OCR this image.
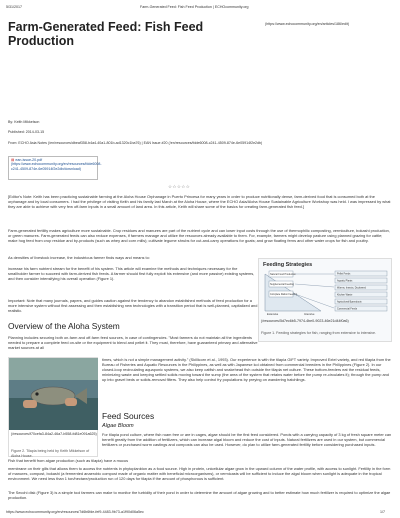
5/31/2017	Farm-Generated Feed: Fish Feed Production | ECHOcommunity.org
Farm-Generated Feed: Fish Feed Production
(https://www.echocommunity.org/en/articles/186/edit)
By: Keith Mikkelson
Published: 2014-03-15
From: ECHO Asia Notes (/en/resources/dbeaf358-b4a4-40a1-801b-ad1320c1ba76) | EAN Issue #20 (/en/resources/fdde6008-c241-4509-874e-6e05914f2e2db)
▤ ean-issue-20.pdf
(https://www.echocommunity.org/en/resources/fdde6008-c241-4509-874e-6e05914f2e2db/download)
☆☆☆☆☆

[Editor's Note: Keith has been practicing sustainable farming at the Aloha House Orphanage in Puerto Princesa for many years in order to produce nutritionally dense, farm-derived food that is consumed both at the orphanage and by local consumers. I had the privilege of visiting Keith and his family last March at the Aloha House, where the ECHO Asia/Aloha House Sustainable Agriculture Workshop was held. I was impressed by what they are able to achieve with very few off-farm inputs in a small amount of land area. In this article, Keith will share some of the basics for creating farm-generated fish feed.]

Farm-generated fertility makes agriculture more sustainable. Crop residues and manures are part of the nutrient cycle and can lower input costs through the use of thermophilic composting, vermiculture, bokashi production, or green manures. Farm-generated feeds can also reduce expenses, if farmers manage and utilize the resources already available to them. For, example, farmers might develop pasture using planned grazing for cattle; make hog feed from crop residue and by-products (such as whey and corn mills); cultivate legume shrubs for cut-and-carry operations for goats; and grow floating ferns and other water crops for fish and poultry.

As densities of livestock increase, the industrious farmer finds ways and means to:

increase his farm nutrient stream for the benefit of his system. This article will examine the methods and techniques necessary for the smallholder farmer to succeed with farm-derived fish feeds. A farmer should first fully exploit his extensive (and more passive) existing systems, and then consider intensifying his overall operation (Figure 1).

Important: Note that many journals, papers, and guides caution against the tendency to abandon established methods of feed production for a more intensive system without first assessing and then establishing new technologies with a transition period that is well-planned, capitalized and realistic.

Feeding Strategies
Natural Food Production
Supplemental Feeding
Complete Ration Feeding
Extensive	Intensive
Pellet Feeds
Aquatic Plants
Worms, Insects, Duckweed
Kitchen Waste
Agricultural Byproducts
Commercial Feeds
(/resources/5d7ec6b5-7974-4be0-9023-46e21d44f0a6)
Figure 1. Feeding strategies for fish, ranging from extensive to intensive.
Overview of the Aloha System

Planning includes securing both on-farm and off-farm feed sources, in case of contingencies. "Most farmers do not maintain all the ingredients needed to prepare a complete feed on-site or the equipment to blend and pellet it. They must, therefore, have guaranteed primary and alternative market sources at all

(/resources/f70cefa3-84a2-46a7-b558-fd81e091a625)
Figure 2. Tilapia being held by Keith Mikkelson of Aloha House.

times, which is not a simple management activity." (Skillicorn et al., 1993). Our experience is with the tilapia GIFT variety. Improved Extel variety, and red tilapia from the Bureau of Fisheries and Aquatic Resources in the Philippines, as well as with Japanese koi obtained from commercial breeders in the Philippines (Figure 2). In our closed-loop recirculating aquaponic systems, we also keep catfish and snakehead fish outside the tilapia net culture. These bottom-feeders eat the residual feeds, minimizing waste and keeping settled solids moving toward the sump (the area of the system that retains water before the pump re-circulates it); through the pump and up into gravel beds or solids-removal filters. They also help control fry populations by preying on wandering hatchlings.

Feed Sources
Algae Bloom

For tilapia pond culture, where fish roam free or are in cages, algae should be the first feed considered. Ponds with a carrying capacity of 3 kg of fresh square meter can benefit greatly from the addition of fertilizers, which can increase algal bloom and reduce the cost of inputs. Natural fertilizers are used in our system, but commercial fertilizers or purchased worm castings and composts can also be used. However, do plan to utilize farm-generated fertility before considering purchased inputs.

Fish that benefit from algae production (such as tilapia) have a mucus

membrane on their gills that allows them to access the nutrients in phytoplankton as a food source. High in protein, unicellular algae grow in the upward column of the water profile, with access to sunlight. Fertility in the form of manures, compost, bokashi (a fermented anaerobic compost made of organic matter with beneficial microorganisms), or vermicasts will be sufficient to induce the algal bloom when sunlight is adequate in the tropical environment. We need less than 1 ton/hectare/production run of 120 days for tilapia if the amount of phosphorous is sufficient.

The Secchi disk (Figure 3) is a simple tool farmers can make to monitor the turbidity of their pond in order to determine the amount of algae growing and to better estimate how much fertilizer is required to optimize the algae production.

https://www.echocommunity.org/en/resources/7d6b6fde-fef9-4483-9b73-a1f90d06a5ec	1/7
